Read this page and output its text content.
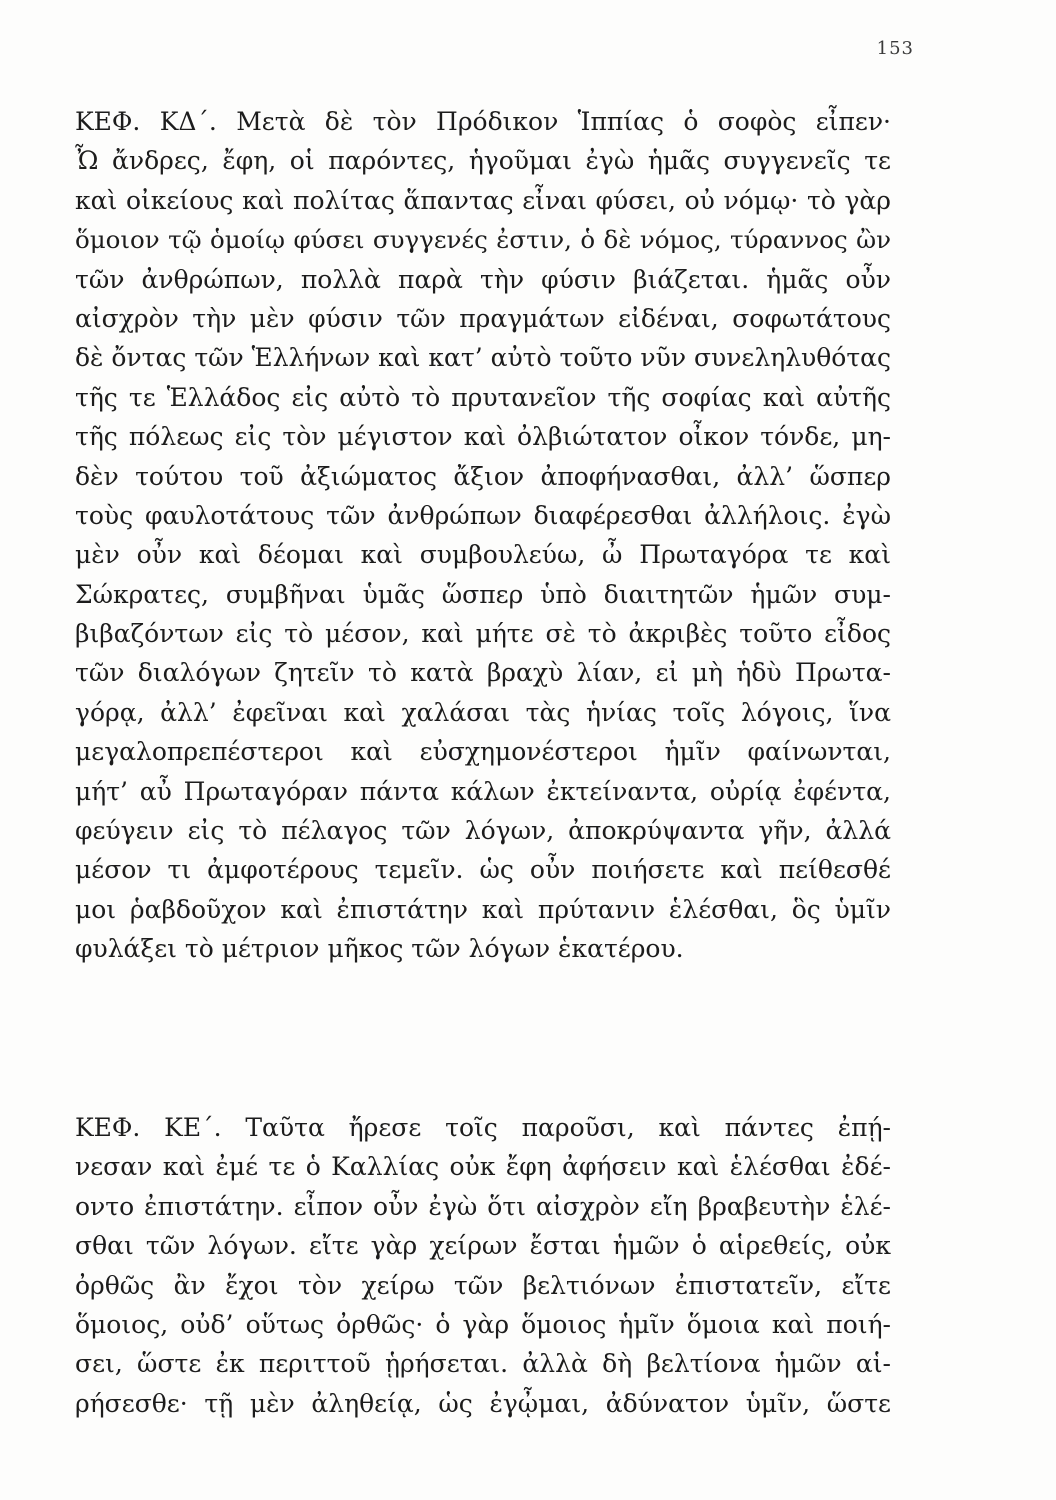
153
ΚΕΦ. ΚΔ΄. Μετὰ δὲ τὸν Πρόδικον Ἱππίας ὁ σοφὸς εἶπεν·
Ὦ ἄνδρες, ἔφη, οἱ παρόντες, ἡγοῦμαι ἐγὼ ἡμᾶς συγγενεῖς τε
καὶ οἰκείους καὶ πολίτας ἅπαντας εἶναι φύσει, οὐ νόμῳ· τὸ γὰρ
ὅμοιον τῷ ὁμοίῳ φύσει συγγενές ἐστιν, ὁ δὲ νόμος, τύραννος ὢν
τῶν ἀνθρώπων, πολλὰ παρὰ τὴν φύσιν βιάζεται. ἡμᾶς οὖν
αἰσχρὸν τὴν μὲν φύσιν τῶν πραγμάτων εἰδέναι, σοφωτάτους
δὲ ὄντας τῶν Ἑλλήνων καὶ κατ’ αὐτὸ τοῦτο νῦν συνεληλυθότας
τῆς τε Ἑλλάδος εἰς αὐτὸ τὸ πρυτανεῖον τῆς σοφίας καὶ αὐτῆς
τῆς πόλεως εἰς τὸν μέγιστον καὶ ὀλβιώτατον οἶκον τόνδε, μη-
δὲν τούτου τοῦ ἀξιώματος ἄξιον ἀποφήνασθαι, ἀλλ’ ὥσπερ
τοὺς φαυλοτάτους τῶν ἀνθρώπων διαφέρεσθαι ἀλλήλοις. ἐγὼ
μὲν οὖν καὶ δέομαι καὶ συμβουλεύω, ὦ Πρωταγόρα τε καὶ
Σώκρατες, συμβῆναι ὑμᾶς ὥσπερ ὑπὸ διαιτητῶν ἡμῶν συμ-
βιβαζόντων εἰς τὸ μέσον, καὶ μήτε σὲ τὸ ἀκριβὲς τοῦτο εἶδος
τῶν διαλόγων ζητεῖν τὸ κατὰ βραχὺ λίαν, εἰ μὴ ἡδὺ Πρωτα-
γόρᾳ, ἀλλ’ ἐφεῖναι καὶ χαλάσαι τὰς ἡνίας τοῖς λόγοις, ἵνα
μεγαλοπρεπέστεροι καὶ εὐσχημονέστεροι ἡμῖν φαίνωνται,
μήτ’ αὖ Πρωταγόραν πάντα κάλων ἐκτείναντα, οὐρίᾳ ἐφέντα,
φεύγειν εἰς τὸ πέλαγος τῶν λόγων, ἀποκρύψαντα γῆν, ἀλλά
μέσον τι ἀμφοτέρους τεμεῖν. ὡς οὖν ποιήσετε καὶ πείθεσθέ
μοι ῥαβδοῦχον καὶ ἐπιστάτην καὶ πρύτανιν ἑλέσθαι, ὃς ὑμῖν
φυλάξει τὸ μέτριον μῆκος τῶν λόγων ἑκατέρου.
ΚΕΦ. ΚΕ΄. Ταῦτα ἤρεσε τοῖς παροῦσι, καὶ πάντες ἐπῄ-
νεσαν καὶ ἐμέ τε ὁ Καλλίας οὐκ ἔφη ἀφήσειν καὶ ἑλέσθαι ἐδέ-
οντο ἐπιστάτην. εἶπον οὖν ἐγὼ ὅτι αἰσχρὸν εἴη βραβευτὴν ἑλέ-
σθαι τῶν λόγων. εἴτε γὰρ χείρων ἔσται ἡμῶν ὁ αἱρεθείς, οὐκ
ὀρθῶς ἂν ἔχοι τὸν χείρω τῶν βελτιόνων ἐπιστατεῖν, εἴτε
ὅμοιος, οὐδ’ οὕτως ὀρθῶς· ὁ γὰρ ὅμοιος ἡμῖν ὅμοια καὶ ποιή-
σει, ὥστε ἐκ περιττοῦ ᾑρήσεται. ἀλλὰ δὴ βελτίονα ἡμῶν αἱ-
ρήσεσθε· τῇ μὲν ἀληθείᾳ, ὡς ἐγᾦμαι, ἀδύνατον ὑμῖν, ὥστε
